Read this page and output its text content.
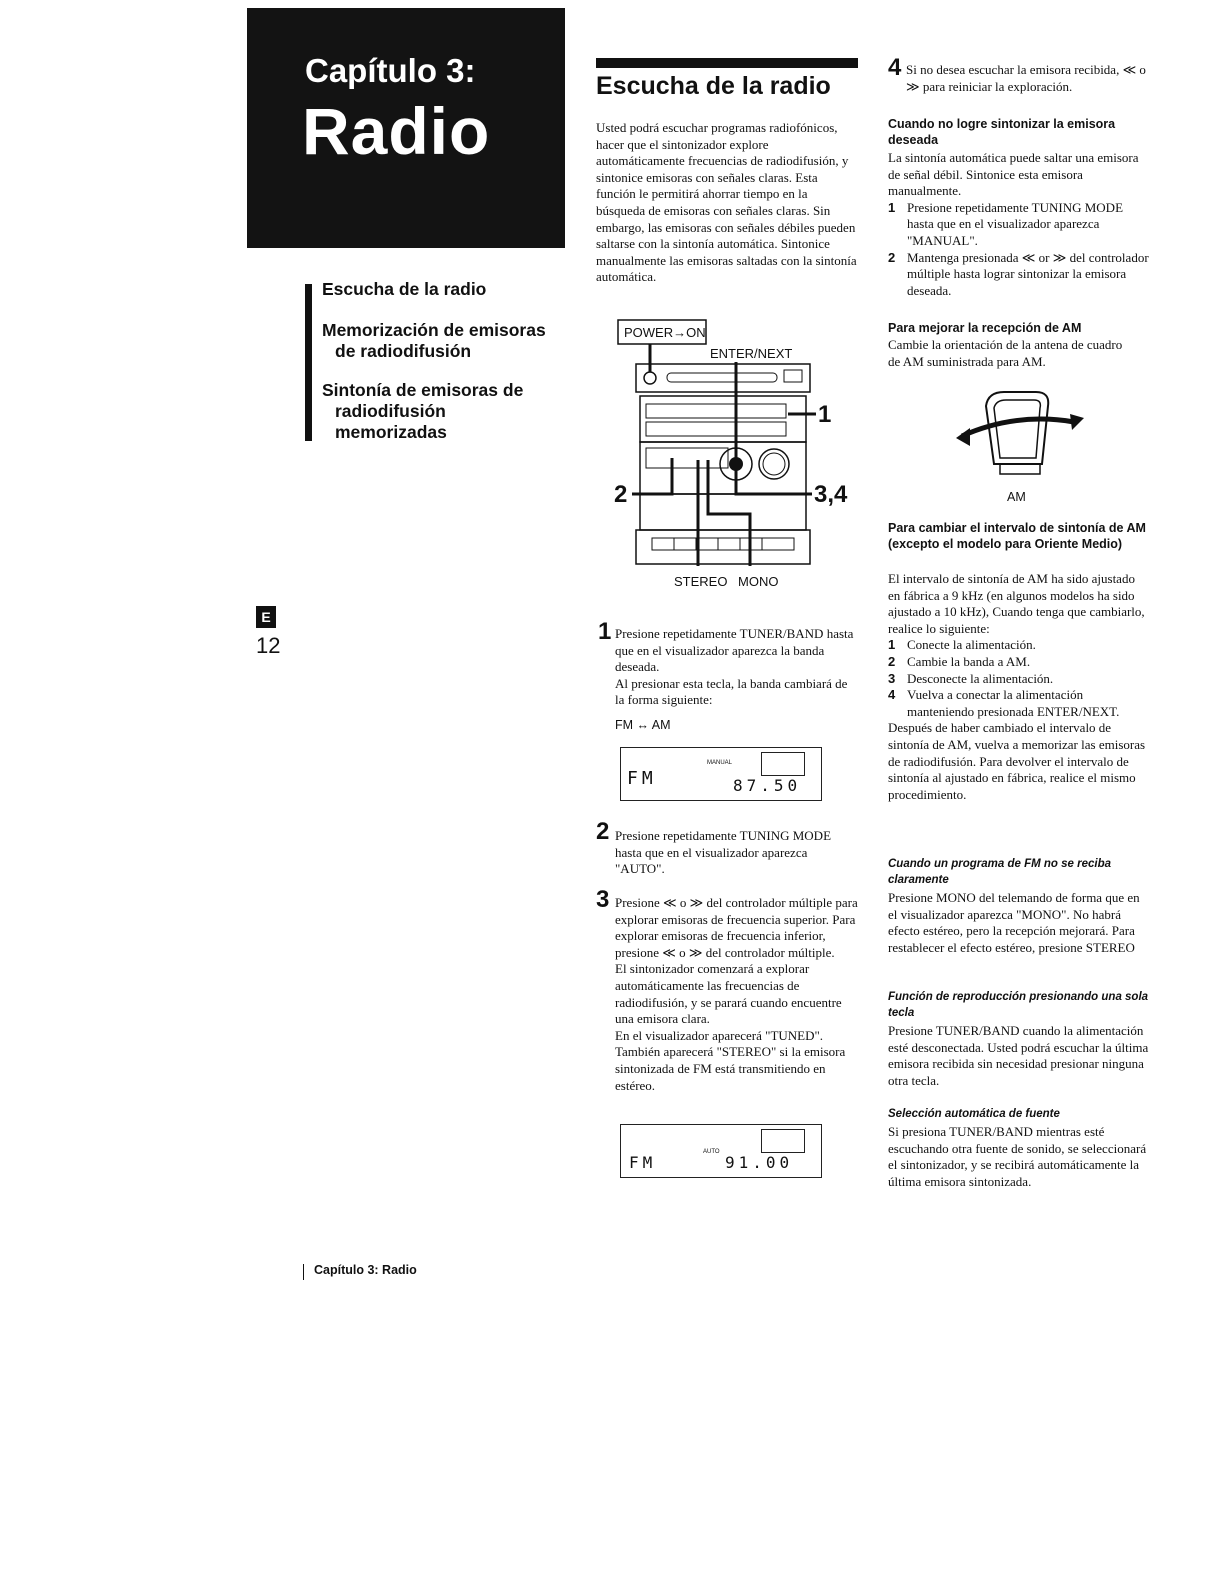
Capítulo 3:
Radio
Escucha de la radio
Memorización de emisoras
de radiodifusión
Sintonía de emisoras de
radiodifusión
memorizadas
E
12
Capítulo 3: Radio
Escucha de la radio
Usted podrá escuchar programas radiofónicos, hacer que el sintonizador explore automáticamente frecuencias de radiodifusión, y sintonice emisoras con señales claras. Esta función le permitirá ahorrar tiempo en la búsqueda de emisoras con señales claras. Sin embargo, las emisoras con señales débiles pueden saltarse con la sintonía automática. Sintonice manualmente las emisoras saltadas con la sintonía automática.
POWER→ON
ENTER/NEXT
1
2	3,4
STEREO MONO
1 Presione repetidamente TUNER/BAND hasta que en el visualizador aparezca la banda deseada.

Al presionar esta tecla, la banda cambiará de la forma siguiente:

FM ↔ AM
FM
MANUAL
87.50
2 Presione repetidamente TUNING MODE hasta que en el visualizador aparezca "AUTO".
3 Presione ≪ o ≫ del controlador múltiple para explorar emisoras de frecuencia superior. Para explorar emisoras de frecuencia inferior, presione ≪ o ≫ del controlador múltiple.

El sintonizador comenzará a explorar automáticamente las frecuencias de radiodifusión, y se parará cuando encuentre una emisora clara.

En el visualizador aparecerá "TUNED". También aparecerá "STEREO" si la emisora sintonizada de FM está transmitiendo en estéreo.

FM
AUTO
91.00
4 Si no desea escuchar la emisora recibida, ≪ o ≫ para reiniciar la exploración.
Cuando no logre sintonizar la emisora deseada

La sintonía automática puede saltar una emisora de señal débil. Sintonice esta emisora manualmente.

1 Presione repetidamente TUNING MODE hasta que en el visualizador aparezca "MANUAL".
2 Mantenga presionada ≪ or ≫ del controlador múltiple hasta lograr sintonizar la emisora deseada.
Para mejorar la recepción de AM
Cambie la orientación de la antena de cuadro de AM suministrada para AM.
AM
Para cambiar el intervalo de sintonía de AM (excepto el modelo para Oriente Medio)

El intervalo de sintonía de AM ha sido ajustado en fábrica a 9 kHz (en algunos modelos ha sido ajustado a 10 kHz), Cuando tenga que cambiarlo, realice lo siguiente:

1 Conecte la alimentación.
2 Cambie la banda a AM.
3 Desconecte la alimentación.
4 Vuelva a conectar la alimentación manteniendo presionada ENTER/NEXT.

Después de haber cambiado el intervalo de sintonía de AM, vuelva a memorizar las emisoras de radiodifusión. Para devolver el intervalo de sintonía al ajustado en fábrica, realice el mismo procedimiento.

Cuando un programa de FM no se reciba claramente
Presione MONO del telemando de forma que en el visualizador aparezca "MONO". No habrá efecto estéreo, pero la recepción mejorará. Para restablecer el efecto estéreo, presione STEREO
Función de reproducción presionando una sola tecla
Presione TUNER/BAND cuando la alimentación esté desconectada. Usted podrá escuchar la última emisora recibida sin necesidad presionar ninguna otra tecla.
Selección automática de fuente
Si presiona TUNER/BAND mientras esté escuchando otra fuente de sonido, se seleccionará el sintonizador, y se recibirá automáticamente la última emisora sintonizada.
